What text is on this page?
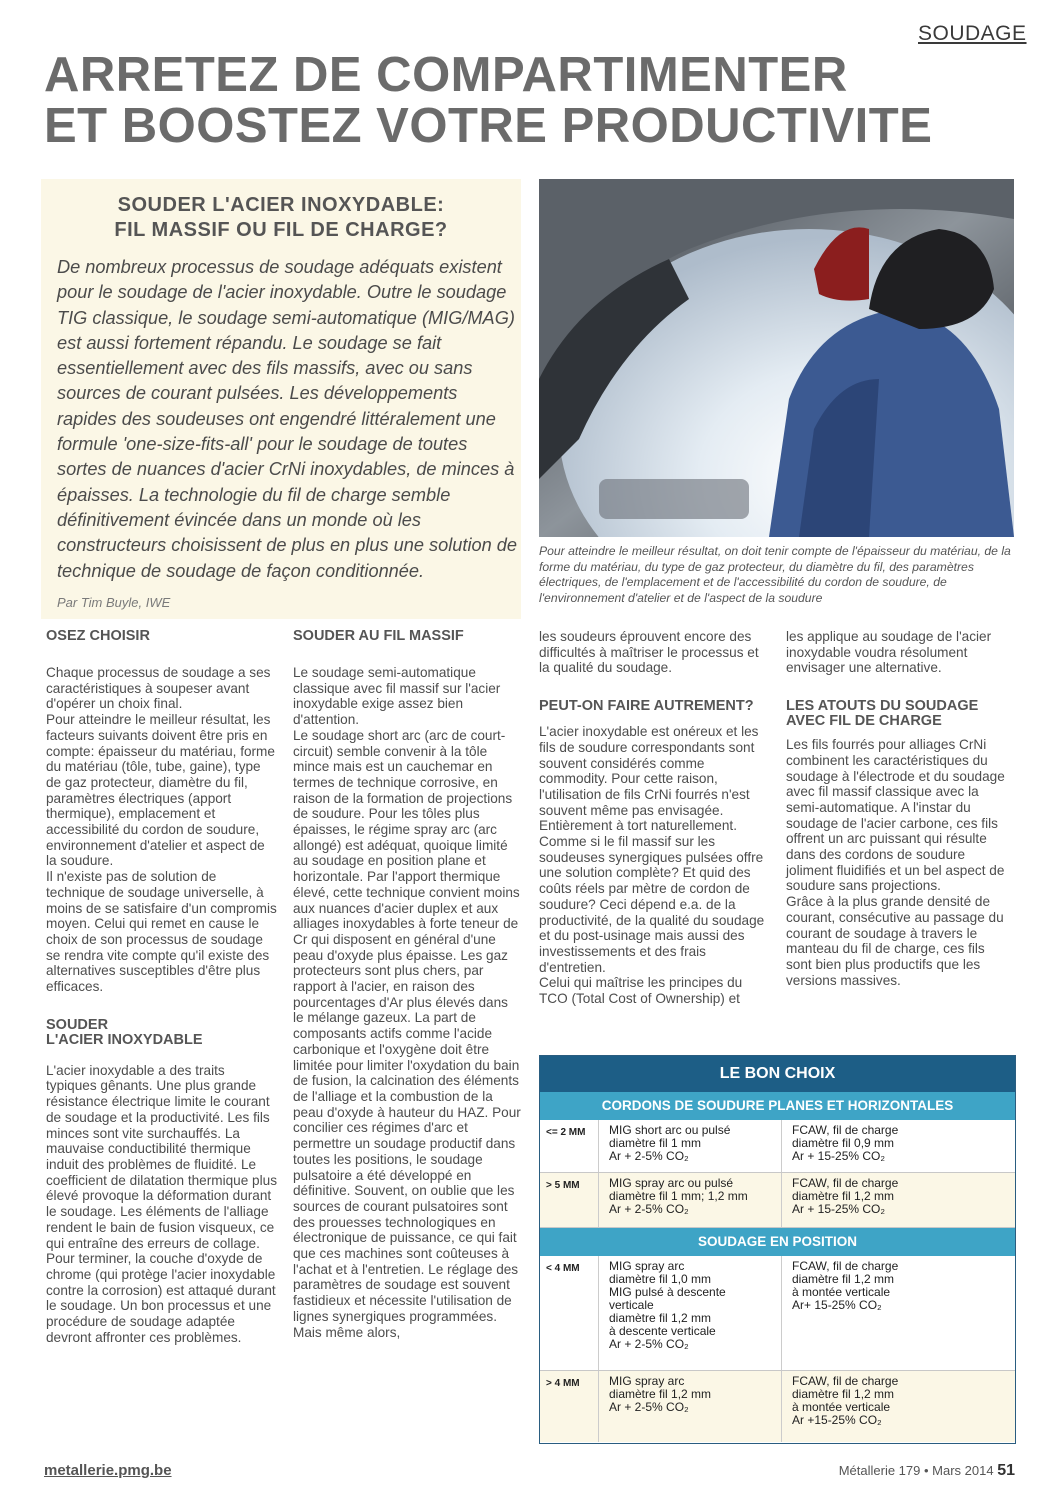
SOUDAGE
ARRETEZ DE COMPARTIMENTER
ET BOOSTEZ VOTRE PRODUCTIVITE
SOUDER L'ACIER INOXYDABLE:
FIL MASSIF OU FIL DE CHARGE?
De nombreux processus de soudage adéquats existent pour le soudage de l'acier inoxydable. Outre le soudage TIG classique, le soudage semi-automatique (MIG/MAG) est aussi fortement répandu. Le soudage se fait essentiellement avec des fils massifs, avec ou sans sources de courant pulsées. Les développements rapides des soudeuses ont engendré littéralement une formule 'one-size-fits-all' pour le soudage de toutes sortes de nuances d'acier CrNi inoxydables, de minces à épaisses. La technologie du fil de charge semble définitivement évincée dans un monde où les constructeurs choisissent de plus en plus une solution de technique de soudage de façon conditionnée.
Par Tim Buyle, IWE
Pour atteindre le meilleur résultat, on doit tenir compte de l'épaisseur du matériau, de la forme du matériau, du type de gaz protecteur, du diamètre du fil, des paramètres électriques, de l'emplacement et de l'accessibilité du cordon de soudure, de l'environnement d'atelier et de l'aspect de la soudure
OSEZ CHOISIR

Chaque processus de soudage a ses caractéristiques à soupeser avant d'opérer un choix final.

Pour atteindre le meilleur résultat, les facteurs suivants doivent être pris en compte: épaisseur du matériau, forme du matériau (tôle, tube, gaine), type de gaz protecteur, diamètre du fil, paramètres électriques (apport thermique), emplacement et accessibilité du cordon de soudure, environnement d'atelier et aspect de la soudure.

Il n'existe pas de solution de technique de soudage universelle, à moins de se satisfaire d'un compromis moyen. Celui qui remet en cause le choix de son processus de soudage se rendra vite compte qu'il existe des alternatives susceptibles d'être plus efficaces.

SOUDER
L'ACIER INOXYDABLE

L'acier inoxydable a des traits typiques gênants. Une plus grande résistance électrique limite le courant de soudage et la productivité. Les fils minces sont vite surchauffés. La mauvaise conductibilité thermique induit des problèmes de fluidité. Le coefficient de dilatation thermique plus élevé provoque la déformation durant le soudage. Les éléments de l'alliage rendent le bain de fusion visqueux, ce qui entraîne des erreurs de collage. Pour terminer, la couche d'oxyde de chrome (qui protège l'acier inoxydable contre la corrosion) est attaqué durant le soudage. Un bon processus et une procédure de soudage adaptée devront affronter ces problèmes.

SOUDER AU FIL MASSIF

Le soudage semi-automatique classique avec fil massif sur l'acier inoxydable exige assez bien d'attention.

Le soudage short arc (arc de court-circuit) semble convenir à la tôle mince mais est un cauchemar en termes de technique corrosive, en raison de la formation de projections de soudure. Pour les tôles plus épaisses, le régime spray arc (arc allongé) est adéquat, quoique limité au soudage en position plane et horizontale. Par l'apport thermique élevé, cette technique convient moins aux nuances d'acier duplex et aux alliages inoxydables à forte teneur de Cr qui disposent en général d'une peau d'oxyde plus épaisse. Les gaz protecteurs sont plus chers, par rapport à l'acier, en raison des pourcentages d'Ar plus élevés dans le mélange gazeux. La part de composants actifs comme l'acide carbonique et l'oxygène doit être limitée pour limiter l'oxydation du bain de fusion, la calcination des éléments de l'alliage et la combustion de la peau d'oxyde à hauteur du HAZ. Pour concilier ces régimes d'arc et permettre un soudage productif dans toutes les positions, le soudage pulsatoire a été développé en définitive. Souvent, on oublie que les sources de courant pulsatoires sont des prouesses technologiques en électronique de puissance, ce qui fait que ces machines sont coûteuses à l'achat et à l'entretien. Le réglage des paramètres de soudage est souvent fastidieux et nécessite l'utilisation de lignes synergiques programmées. Mais même alors,

les soudeurs éprouvent encore des difficultés à maîtriser le processus et la qualité du soudage.

PEUT-ON FAIRE AUTREMENT?

L'acier inoxydable est onéreux et les fils de soudure correspondants sont souvent considérés comme commodity. Pour cette raison, l'utilisation de fils CrNi fourrés n'est souvent même pas envisagée. Entièrement à tort naturellement. Comme si le fil massif sur les soudeuses synergiques pulsées offre une solution complète? Et quid des coûts réels par mètre de cordon de soudure? Ceci dépend e.a. de la productivité, de la qualité du soudage et du post-usinage mais aussi des investissements et des frais d'entretien.

Celui qui maîtrise les principes du TCO (Total Cost of Ownership) et

les applique au soudage de l'acier inoxydable voudra résolument envisager une alternative.

LES ATOUTS DU SOUDAGE
AVEC FIL DE CHARGE

Les fils fourrés pour alliages CrNi combinent les caractéristiques du soudage à l'électrode et du soudage avec fil massif classique avec la semi-automatique. A l'instar du soudage de l'acier carbone, ces fils offrent un arc puissant qui résulte dans des cordons de soudure joliment fluidifiés et un bel aspect de soudure sans projections.

Grâce à la plus grande densité de courant, consécutive au passage du courant de soudage à travers le manteau du fil de charge, ces fils sont bien plus productifs que les versions massives.

LE BON CHOIX
CORDONS DE SOUDURE PLANES ET HORIZONTALES
<= 2 MM	MIG short arc ou pulsé
diamètre fil 1 mm
Ar + 2-5% CO₂

FCAW, fil de charge
diamètre fil 0,9 mm
Ar + 15-25% CO₂

> 5 MM	MIG spray arc ou pulsé
diamètre fil 1 mm; 1,2 mm
Ar + 2-5% CO₂

FCAW, fil de charge
diamètre fil 1,2 mm
Ar + 15-25% CO₂

SOUDAGE EN POSITION
< 4 MM	MIG spray arc
diamètre fil 1,0 mm
MIG pulsé à descente
verticale
diamètre fil 1,2 mm
à descente verticale
Ar + 2-5% CO₂

FCAW, fil de charge
diamètre fil 1,2 mm
à montée verticale
Ar+ 15-25% CO₂

> 4 MM	MIG spray arc
diamètre fil 1,2 mm
Ar + 2-5% CO₂

FCAW, fil de charge
diamètre fil 1,2 mm
à montée verticale
Ar +15-25% CO₂

metallerie.pmg.be	Métallerie 179 • Mars 2014 51
